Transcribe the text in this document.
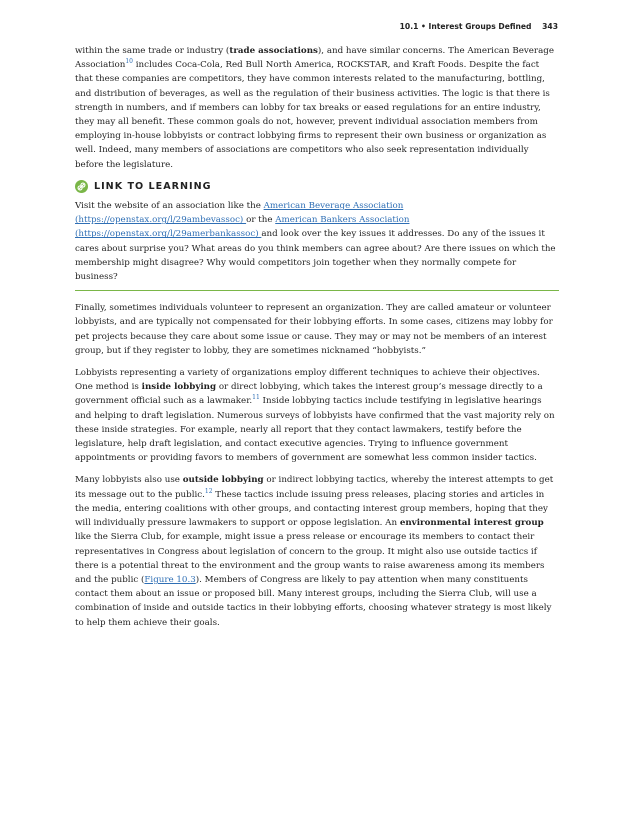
10.1 • Interest Groups Defined 343

within the same trade or industry (trade associations), and have similar concerns. The American Beverage Association$^{10}$ includes Coca-Cola, Red Bull North America, ROCKSTAR, and Kraft Foods. Despite the fact that these companies are competitors, they have common interests related to the manufacturing, bottling, and distribution of beverages, as well as the regulation of their business activities. The logic is that there is strength in numbers, and if members can lobby for tax breaks or eased regulations for an entire industry, they may all benefit. These common goals do not, however, prevent individual association members from employing in-house lobbyists or contract lobbying firms to represent their own business or organization as well. Indeed, many members of associations are competitors who also seek representation individually before the legislature.

LINK TO LEARNING

Visit the website of an association like the American Beverage Association (https://openstax.org/l/29ambevassoc) or the American Bankers Association (https://openstax.org/l/29amerbankassoc) and look over the key issues it addresses. Do any of the issues it cares about surprise you? What areas do you think members can agree about? Are there issues on which the membership might disagree? Why would competitors join together when they normally compete for business?

Finally, sometimes individuals volunteer to represent an organization. They are called amateur or volunteer lobbyists, and are typically not compensated for their lobbying efforts. In some cases, citizens may lobby for pet projects because they care about some issue or cause. They may or may not be members of an interest group, but if they register to lobby, they are sometimes nicknamed “hobbyists.”

Lobbyists representing a variety of organizations employ different techniques to achieve their objectives. One method is inside lobbying or direct lobbying, which takes the interest group’s message directly to a government official such as a lawmaker.$^{11}$ Inside lobbying tactics include testifying in legislative hearings and helping to draft legislation. Numerous surveys of lobbyists have confirmed that the vast majority rely on these inside strategies. For example, nearly all report that they contact lawmakers, testify before the legislature, help draft legislation, and contact executive agencies. Trying to influence government appointments or providing favors to members of government are somewhat less common insider tactics.

Many lobbyists also use outside lobbying or indirect lobbying tactics, whereby the interest attempts to get its message out to the public.$^{12}$ These tactics include issuing press releases, placing stories and articles in the media, entering coalitions with other groups, and contacting interest group members, hoping that they will individually pressure lawmakers to support or oppose legislation. An environmental interest group like the Sierra Club, for example, might issue a press release or encourage its members to contact their representatives in Congress about legislation of concern to the group. It might also use outside tactics if there is a potential threat to the environment and the group wants to raise awareness among its members and the public (Figure 10.3). Members of Congress are likely to pay attention when many constituents contact them about an issue or proposed bill. Many interest groups, including the Sierra Club, will use a combination of inside and outside tactics in their lobbying efforts, choosing whatever strategy is most likely to help them achieve their goals.
